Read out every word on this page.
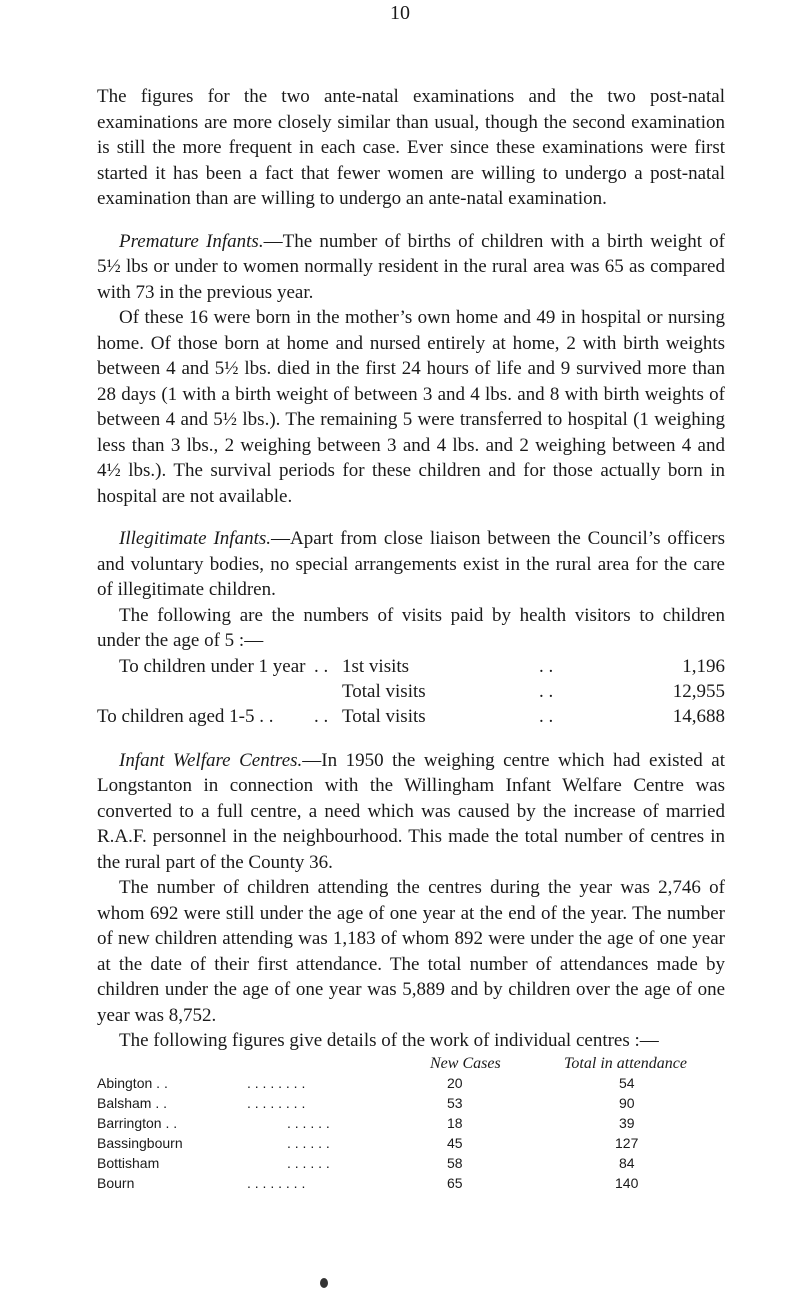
10

The figures for the two ante-natal examinations and the two post-natal examinations are more closely similar than usual, though the second examination is still the more frequent in each case. Ever since these examinations were first started it has been a fact that fewer women are willing to undergo a post-natal examination than are willing to undergo an ante-natal examination.

Premature Infants.—The number of births of children with a birth weight of 5½ lbs or under to women normally resident in the rural area was 65 as compared with 73 in the previous year.

Of these 16 were born in the mother’s own home and 49 in hospital or nursing home. Of those born at home and nursed entirely at home, 2 with birth weights between 4 and 5½ lbs. died in the first 24 hours of life and 9 survived more than 28 days (1 with a birth weight of between 3 and 4 lbs. and 8 with birth weights of between 4 and 5½ lbs.). The remaining 5 were transferred to hospital (1 weighing less than 3 lbs., 2 weighing between 3 and 4 lbs. and 2 weighing between 4 and 4½ lbs.). The survival periods for these children and for those actually born in hospital are not available.

Illegitimate Infants.—Apart from close liaison between the Council’s officers and voluntary bodies, no special arrangements exist in the rural area for the care of illegitimate children.

The following are the numbers of visits paid by health visitors to children under the age of 5 :—

To children under 1 year . . 1st visits	. .	1,196
Total visits	. .	12,955
To children aged 1-5 . . . . Total visits	. .	14,688

Infant Welfare Centres.—In 1950 the weighing centre which had existed at Longstanton in connection with the Willingham Infant Welfare Centre was converted to a full centre, a need which was caused by the increase of married R.A.F. personnel in the neighbourhood. This made the total number of centres in the rural part of the County 36.

The number of children attending the centres during the year was 2,746 of whom 692 were still under the age of one year at the end of the year. The number of new children attending was 1,183 of whom 892 were under the age of one year at the date of their first attendance. The total number of attendances made by children under the age of one year was 5,889 and by children over the age of one year was 8,752.

The following figures give details of the work of individual centres :—

New Cases	Total in attendance
Abington . .	. . . . . . . .	20	54
Balsham . .	. . . . . . . .	53	90
Barrington . .	. . . . . .	18	39
Bassingbourn	. . . . . .	45	127
Bottisham	. . . . . .	58	84
Bourn	. . . . . . . .	65	140
